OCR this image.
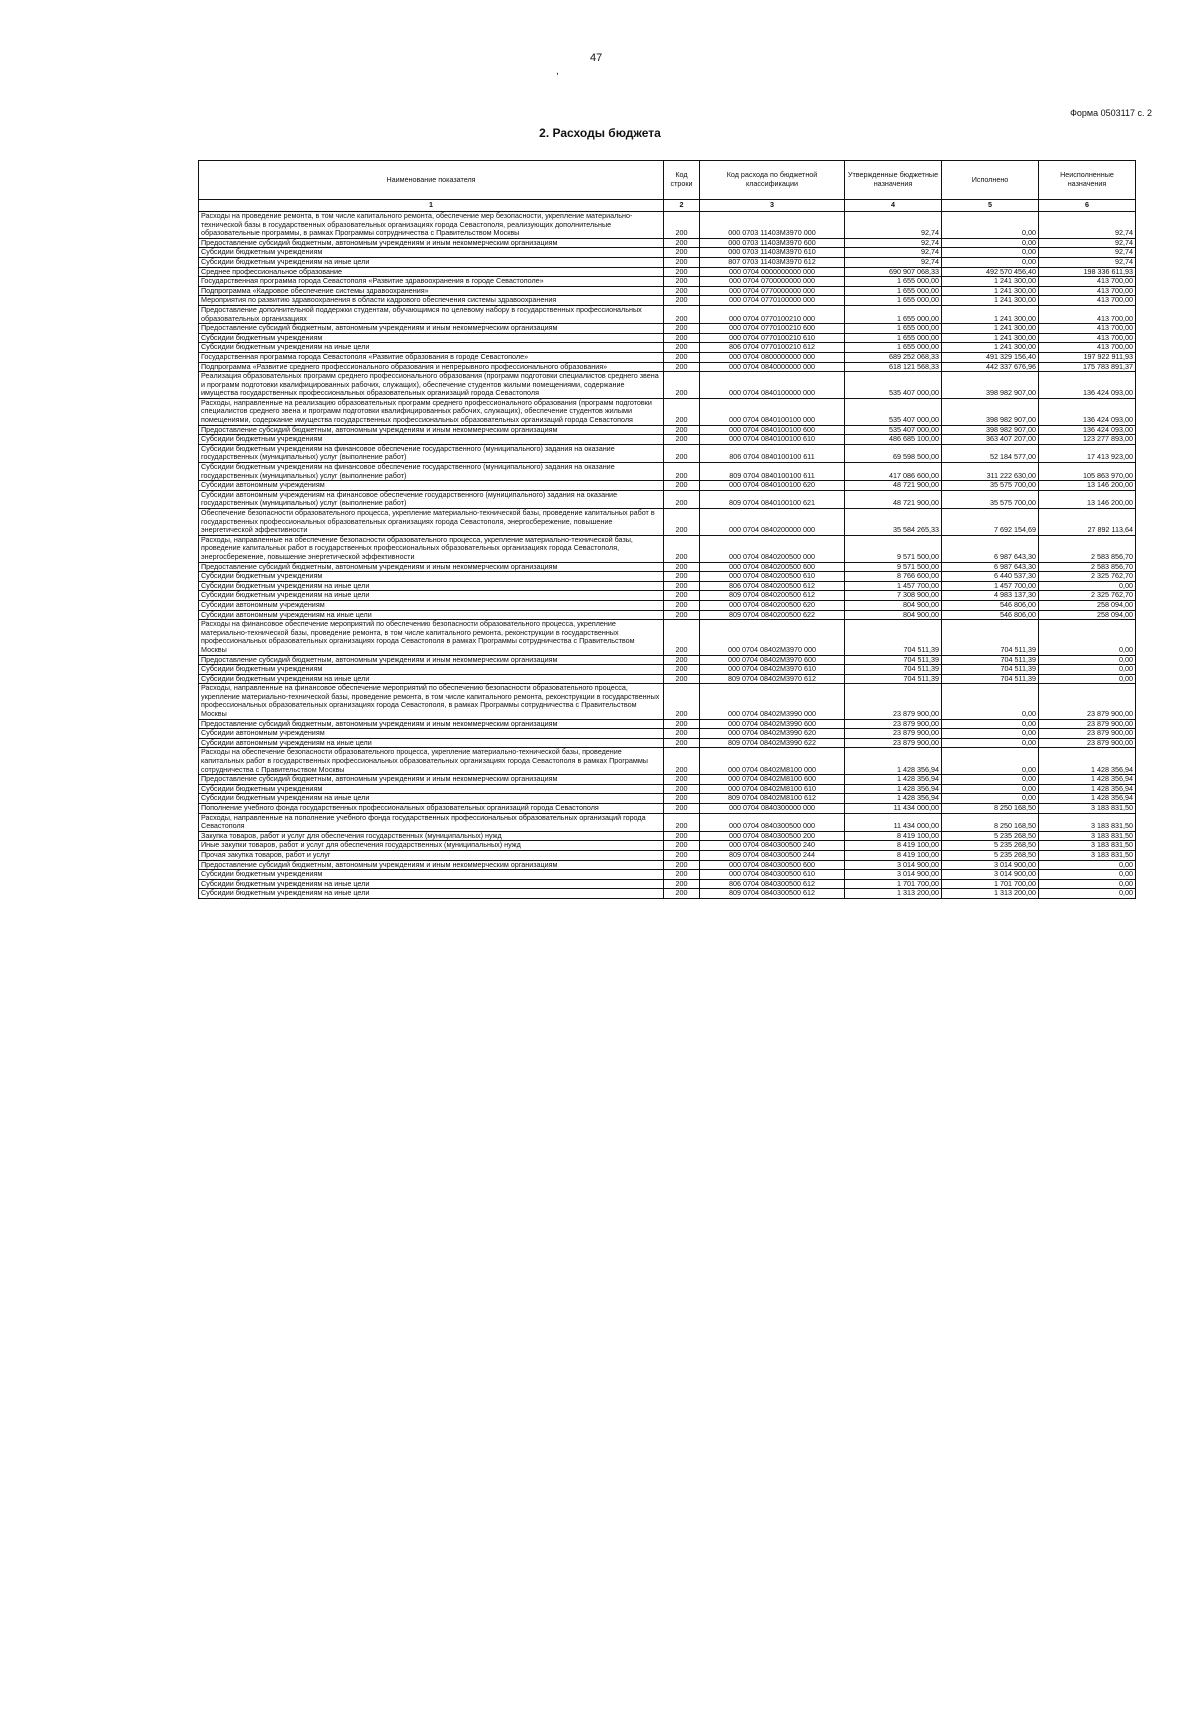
47
,
Форма 0503117 с. 2
2. Расходы бюджета
Наименование показателя	Код строки	Код расхода по бюджетной классификации	Утвержденные бюджетные назначения	Исполнено	Неисполненные назначения
1	2	3	4	5	6
Расходы на проведение ремонта, в том числе капитального ремонта, обеспечение мер безопасности, укрепление материально-технической базы в государственных образовательных организациях города Севастополя, реализующих дополнительные образовательные программы, в рамках Программы сотрудничества с Правительством Москвы	200	000 0703 11403М3970 000	92,74	0,00	92,74
Предоставление субсидий бюджетным, автономным учреждениям и иным некоммерческим организациям	200	000 0703 11403М3970 600	92,74	0,00	92,74
Субсидии бюджетным учреждениям	200	000 0703 11403М3970 610	92,74	0,00	92,74
Субсидии бюджетным учреждениям на иные цели	200	807 0703 11403М3970 612	92,74	0,00	92,74
Среднее профессиональное образование	200	000 0704 0000000000 000	690 907 068,33	492 570 456,40	198 336 611,93
Государственная программа города Севастополя «Развитие здравоохранения в городе Севастополе»	200	000 0704 0700000000 000	1 655 000,00	1 241 300,00	413 700,00
Подпрограмма «Кадровое обеспечение системы здравоохранения»	200	000 0704 0770000000 000	1 655 000,00	1 241 300,00	413 700,00
Мероприятия по развитию здравоохранения в области кадрового обеспечения системы здравоохранения	200	000 0704 0770100000 000	1 655 000,00	1 241 300,00	413 700,00
Предоставление дополнительной поддержки студентам, обучающимся по целевому набору в государственных профессиональных образовательных организациях	200	000 0704 0770100210 000	1 655 000,00	1 241 300,00	413 700,00
Предоставление субсидий бюджетным, автономным учреждениям и иным некоммерческим организациям	200	000 0704 0770100210 600	1 655 000,00	1 241 300,00	413 700,00
Субсидии бюджетным учреждениям	200	000 0704 0770100210 610	1 655 000,00	1 241 300,00	413 700,00
Субсидии бюджетным учреждениям на иные цели	200	806 0704 0770100210 612	1 655 000,00	1 241 300,00	413 700,00
Государственная программа города Севастополя «Развитие образования в городе Севастополе»	200	000 0704 0800000000 000	689 252 068,33	491 329 156,40	197 922 911,93
Подпрограмма «Развитие среднего профессионального образования и непрерывного профессионального образования»	200	000 0704 0840000000 000	618 121 568,33	442 337 676,96	175 783 891,37
Реализация образовательных программ среднего профессионального образования (программ подготовки специалистов среднего звена и программ подготовки квалифицированных рабочих, служащих), обеспечение студентов жилыми помещениями, содержание имущества государственных профессиональных образовательных организаций города Севастополя	200	000 0704 0840100000 000	535 407 000,00	398 982 907,00	136 424 093,00
Расходы, направленные на реализацию образовательных программ среднего профессионального образования (программ подготовки специалистов среднего звена и программ подготовки квалифицированных рабочих, служащих), обеспечение студентов жилыми помещениями, содержание имущества государственных профессиональных образовательных организаций города Севастополя	200	000 0704 0840100100 000	535 407 000,00	398 982 907,00	136 424 093,00
Предоставление субсидий бюджетным, автономным учреждениям и иным некоммерческим организациям	200	000 0704 0840100100 600	535 407 000,00	398 982 907,00	136 424 093,00
Субсидии бюджетным учреждениям	200	000 0704 0840100100 610	486 685 100,00	363 407 207,00	123 277 893,00
Субсидии бюджетным учреждениям на финансовое обеспечение государственного (муниципального) задания на оказание государственных (муниципальных) услуг (выполнение работ)	200	806 0704 0840100100 611	69 598 500,00	52 184 577,00	17 413 923,00
Субсидии бюджетным учреждениям на финансовое обеспечение государственного (муниципального) задания на оказание государственных (муниципальных) услуг (выполнение работ)	200	809 0704 0840100100 611	417 086 600,00	311 222 630,00	105 863 970,00
Субсидии автономным учреждениям	200	000 0704 0840100100 620	48 721 900,00	35 575 700,00	13 146 200,00
Субсидии автономным учреждениям на финансовое обеспечение государственного (муниципального) задания на оказание государственных (муниципальных) услуг (выполнение работ)	200	809 0704 0840100100 621	48 721 900,00	35 575 700,00	13 146 200,00
Обеспечение безопасности образовательного процесса, укрепление материально-технической базы, проведение капитальных работ в государственных профессиональных образовательных организациях города Севастополя, энергосбережение, повышение энергетической эффективности	200	000 0704 0840200000 000	35 584 265,33	7 692 154,69	27 892 113,64
Расходы, направленные на обеспечение безопасности образовательного процесса, укрепление материально-технической базы, проведение капитальных работ в государственных профессиональных образовательных организациях города Севастополя, энергосбережение, повышение энергетической эффективности	200	000 0704 0840200500 000	9 571 500,00	6 987 643,30	2 583 856,70
Предоставление субсидий бюджетным, автономным учреждениям и иным некоммерческим организациям	200	000 0704 0840200500 600	9 571 500,00	6 987 643,30	2 583 856,70
Субсидии бюджетным учреждениям	200	000 0704 0840200500 610	8 766 600,00	6 440 537,30	2 325 762,70
Субсидии бюджетным учреждениям на иные цели	200	806 0704 0840200500 612	1 457 700,00	1 457 700,00	0,00
Субсидии бюджетным учреждениям на иные цели	200	809 0704 0840200500 612	7 308 900,00	4 983 137,30	2 325 762,70
Субсидии автономным учреждениям	200	000 0704 0840200500 620	804 900,00	546 806,00	258 094,00
Субсидии автономным учреждениям на иные цели	200	809 0704 0840200500 622	804 900,00	546 806,00	258 094,00
Расходы на финансовое обеспечение мероприятий по обеспечению безопасности образовательного процесса, укрепление материально-технической базы, проведение ремонта, в том числе капитального ремонта, реконструкции в государственных профессиональных образовательных организациях города Севастополя в рамках Программы сотрудничества с Правительством Москвы	200	000 0704 08402М3970 000	704 511,39	704 511,39	0,00
Предоставление субсидий бюджетным, автономным учреждениям и иным некоммерческим организациям	200	000 0704 08402М3970 600	704 511,39	704 511,39	0,00
Субсидии бюджетным учреждениям	200	000 0704 08402М3970 610	704 511,39	704 511,39	0,00
Субсидии бюджетным учреждениям на иные цели	200	809 0704 08402М3970 612	704 511,39	704 511,39	0,00
Расходы, направленные на финансовое обеспечение мероприятий по обеспечению безопасности образовательного процесса, укрепление материально-технической базы, проведение ремонта, в том числе капитального ремонта, реконструкции в государственных профессиональных образовательных организациях города Севастополя, в рамках Программы сотрудничества с Правительством Москвы	200	000 0704 08402М3990 000	23 879 900,00	0,00	23 879 900,00
Предоставление субсидий бюджетным, автономным учреждениям и иным некоммерческим организациям	200	000 0704 08402М3990 600	23 879 900,00	0,00	23 879 900,00
Субсидии автономным учреждениям	200	000 0704 08402М3990 620	23 879 900,00	0,00	23 879 900,00
Субсидии автономным учреждениям на иные цели	200	809 0704 08402М3990 622	23 879 900,00	0,00	23 879 900,00
Расходы на обеспечение безопасности образовательного процесса, укрепление материально-технической базы, проведение капитальных работ в государственных профессиональных образовательных организациях города Севастополя в рамках Программы сотрудничества с Правительством Москвы	200	000 0704 08402М8100 000	1 428 356,94	0,00	1 428 356,94
Предоставление субсидий бюджетным, автономным учреждениям и иным некоммерческим организациям	200	000 0704 08402М8100 600	1 428 356,94	0,00	1 428 356,94
Субсидии бюджетным учреждениям	200	000 0704 08402М8100 610	1 428 356,94	0,00	1 428 356,94
Субсидии бюджетным учреждениям на иные цели	200	809 0704 08402М8100 612	1 428 356,94	0,00	1 428 356,94
Пополнение учебного фонда государственных профессиональных образовательных организаций города Севастополя	200	000 0704 0840300000 000	11 434 000,00	8 250 168,50	3 183 831,50
Расходы, направленные на пополнение учебного фонда государственных профессиональных образовательных организаций города Севастополя	200	000 0704 0840300500 000	11 434 000,00	8 250 168,50	3 183 831,50
Закупка товаров, работ и услуг для обеспечения государственных (муниципальных) нужд	200	000 0704 0840300500 200	8 419 100,00	5 235 268,50	3 183 831,50
Иные закупки товаров, работ и услуг для обеспечения государственных (муниципальных) нужд	200	000 0704 0840300500 240	8 419 100,00	5 235 268,50	3 183 831,50
Прочая закупка товаров, работ и услуг	200	809 0704 0840300500 244	8 419 100,00	5 235 268,50	3 183 831,50
Предоставление субсидий бюджетным, автономным учреждениям и иным некоммерческим организациям	200	000 0704 0840300500 600	3 014 900,00	3 014 900,00	0,00
Субсидии бюджетным учреждениям	200	000 0704 0840300500 610	3 014 900,00	3 014 900,00	0,00
Субсидии бюджетным учреждениям на иные цели	200	806 0704 0840300500 612	1 701 700,00	1 701 700,00	0,00
Субсидии бюджетным учреждениям на иные цели	200	809 0704 0840300500 612	1 313 200,00	1 313 200,00	0,00
